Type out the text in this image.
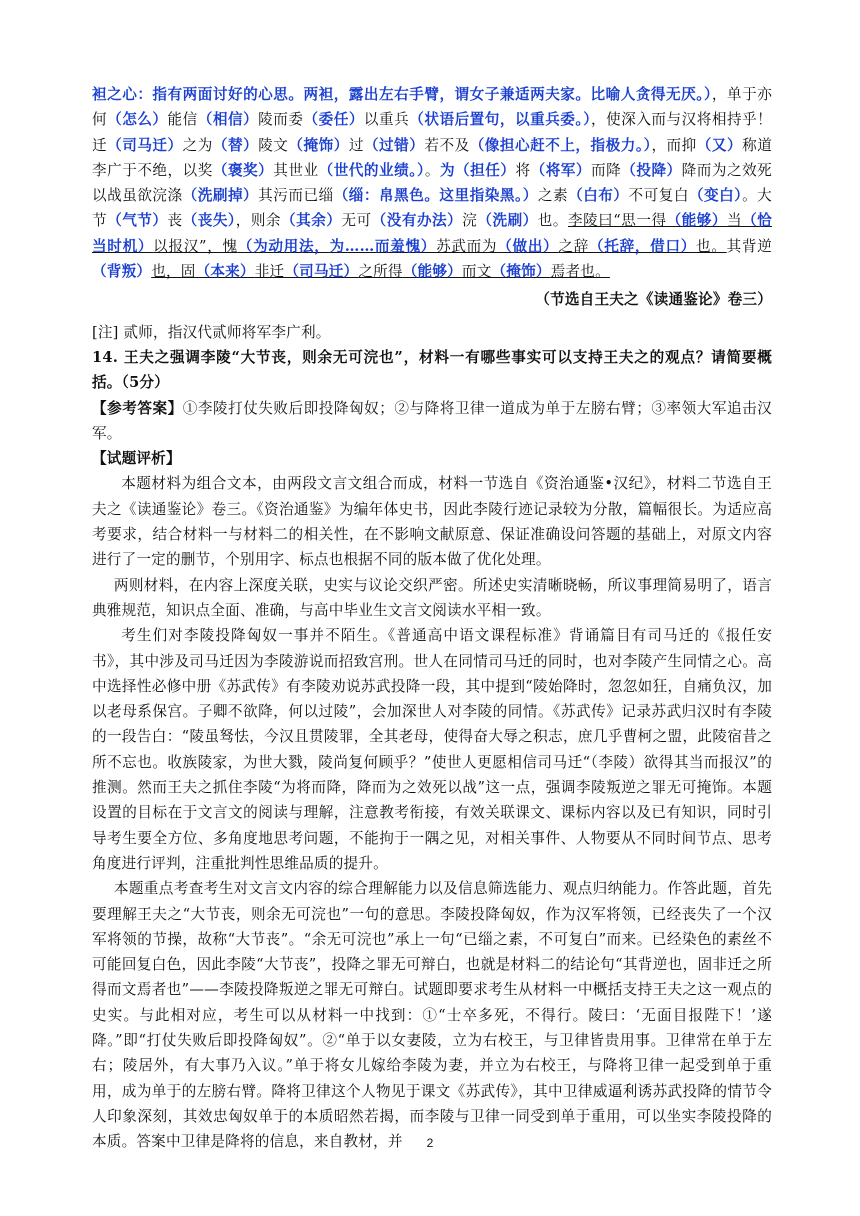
袒之心：指有两面讨好的心思。两袒，露出左右手臂，谓女子兼适两夫家。比喻人贪得无厌。），单于亦何（怎么）能信（相信）陵而委（委任）以重兵（状语后置句，以重兵委。），使深入而与汉将相持乎！迁（司马迁）之为（替）陵文（掩饰）过（过错）若不及（像担心赶不上，指极力。），而抑（又）称道李广于不绝，以奖（褒奖）其世业（世代的业绩。）。为（担任）将（将军）而降（投降）降而为之效死以战虽欲浣涤（洗刷掉）其污而已缁（缁：帛黑色。这里指染黑。）之素（白布）不可复白（变白）。大节（气节）丧（丧失），则余（其余）无可（没有办法）浣（洗刷）也。李陵曰“思一得（能够）当（恰当时机）以报汉”，愧（为动用法，为……而羞愧）苏武而为（做出）之辞（托辞，借口）也。其背逆（背叛）也，固（本来）非迁（司马迁）之所得（能够）而文（掩饰）焉者也。

（节选自王夫之《读通鉴论》卷三）

[注] 贰师，指汉代贰师将军李广利。

14. 王夫之强调李陵“大节丧，则余无可浣也”，材料一有哪些事实可以支持王夫之的观点？请简要概括。（5分）

【参考答案】①李陵打仗失败后即投降匈奴；②与降将卫律一道成为单于左膀右臂；③率领大军追击汉军。

【试题评析】

本题材料为组合文本，由两段文言文组合而成，材料一节选自《资治通鉴•汉纪》，材料二节选自王夫之《读通鉴论》卷三。《资治通鉴》为编年体史书，因此李陵行迹记录较为分散，篇幅很长。为适应高考要求，结合材料一与材料二的相关性，在不影响文献原意、保证准确设问答题的基础上，对原文内容进行了一定的删节，个别用字、标点也根据不同的版本做了优化处理。

两则材料，在内容上深度关联，史实与议论交织严密。所述史实清晰晓畅，所议事理简易明了，语言典雅规范，知识点全面、准确，与高中毕业生文言文阅读水平相一致。

考生们对李陵投降匈奴一事并不陌生。《普通高中语文课程标准》背诵篇目有司马迁的《报任安书》，其中涉及司马迁因为李陵游说而招致宫刑。世人在同情司马迁的同时，也对李陵产生同情之心。高中选择性必修中册《苏武传》有李陵劝说苏武投降一段，其中提到“陵始降时，忽忽如狂，自痛负汉，加以老母系保宫。子卿不欲降，何以过陵”，会加深世人对李陵的同情。《苏武传》记录苏武归汉时有李陵的一段告白：“陵虽驽怯，今汉且贯陵罪，全其老母，使得奋大辱之积志，庶几乎曹柯之盟，此陵宿昔之所不忘也。收族陵家，为世大戮，陵尚复何顾乎？”使世人更愿相信司马迁“（李陵）欲得其当而报汉”的推测。然而王夫之抓住李陵“为将而降，降而为之效死以战”这一点，强调李陵叛逆之罪无可掩饰。本题设置的目标在于文言文的阅读与理解，注意教考衔接，有效关联课文、课标内容以及已有知识，同时引导考生要全方位、多角度地思考问题，不能拘于一隅之见，对相关事件、人物要从不同时间节点、思考角度进行评判，注重批判性思维品质的提升。

本题重点考查考生对文言文内容的综合理解能力以及信息筛选能力、观点归纳能力。作答此题，首先要理解王夫之“大节丧，则余无可浣也”一句的意思。李陵投降匈奴，作为汉军将领，已经丧失了一个汉军将领的节操，故称“大节丧”。“余无可浣也”承上一句“已缁之素，不可复白”而来。已经染色的素丝不可能回复白色，因此李陵“大节丧”，投降之罪无可辩白，也就是材料二的结论句“其背逆也，固非迁之所得而文焉者也”——李陵投降叛逆之罪无可辩白。试题即要求考生从材料一中概括支持王夫之这一观点的史实。与此相对应，考生可以从材料一中找到：①“士卒多死，不得行。陵曰：‘无面目报陛下！’遂降。”即“打仗失败后即投降匈奴”。②“单于以女妻陵，立为右校王，与卫律皆贵用事。卫律常在单于左右；陵居外，有大事乃入议。”单于将女儿嫁给李陵为妻，并立为右校王，与降将卫律一起受到单于重用，成为单于的左膀右臂。降将卫律这个人物见于课文《苏武传》，其中卫律威逼利诱苏武投降的情节令人印象深刻，其效忠匈奴单于的本质昭然若揭，而李陵与卫律一同受到单于重用，可以坐实李陵投降的本质。答案中卫律是降将的信息，来自教材，并	2
